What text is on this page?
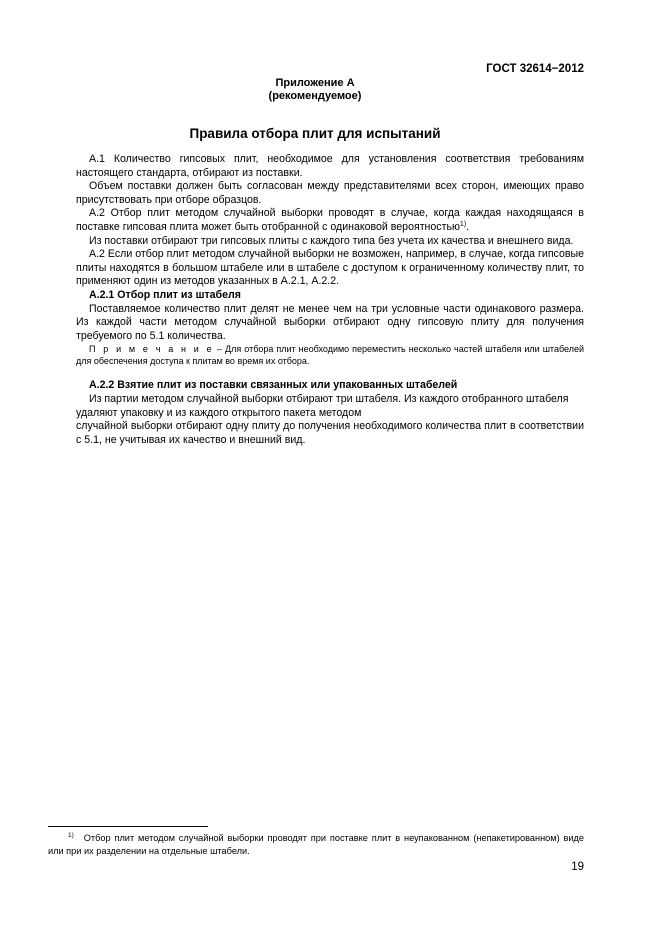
ГОСТ 32614−2012
Приложение А
(рекомендуемое)
Правила отбора плит для испытаний

А.1 Количество гипсовых плит, необходимое для установления соответствия требованиям настоящего стандарта, отбирают из поставки.

Объем поставки должен быть согласован между представителями всех сторон, имеющих право присутствовать при отборе образцов.

А.2 Отбор плит методом случайной выборки проводят в случае, когда каждая находящаяся в поставке гипсовая плита может быть отобранной с одинаковой вероятностью$^{1)}$.

Из поставки отбирают три гипсовых плиты с каждого типа без учета их качества и внешнего вида.

А.2 Если отбор плит методом случайной выборки не возможен, например, в случае, когда гипсовые плиты находятся в большом штабеле или в штабеле с доступом к ограниченному количеству плит, то применяют один из методов указанных в А.2.1, А.2.2.

А.2.1 Отбор плит из штабеля

Поставляемое количество плит делят не менее чем на три условные части одинакового размера. Из каждой части методом случайной выборки отбирают одну гипсовую плиту для получения требуемого по 5.1 количества.

П р и м е ч а н и е – Для отбора плит необходимо переместить несколько частей штабеля или штабелей для обеспечения доступа к плитам во время их отбора.

А.2.2 Взятие плит из поставки связанных или упакованных штабелей

Из партии методом случайной выборки отбирают три штабеля. Из каждого отобранного штабеля удаляют упаковку и из каждого открытого пакета методом

случайной выборки отбирают одну плиту до получения необходимого количества плит в соответствии с 5.1, не учитывая их качество и внешний вид.

$^{1)}$ Отбор плит методом случайной выборки проводят при поставке плит в неупакованном (непакетированном) виде или при их разделении на отдельные штабели.
19
